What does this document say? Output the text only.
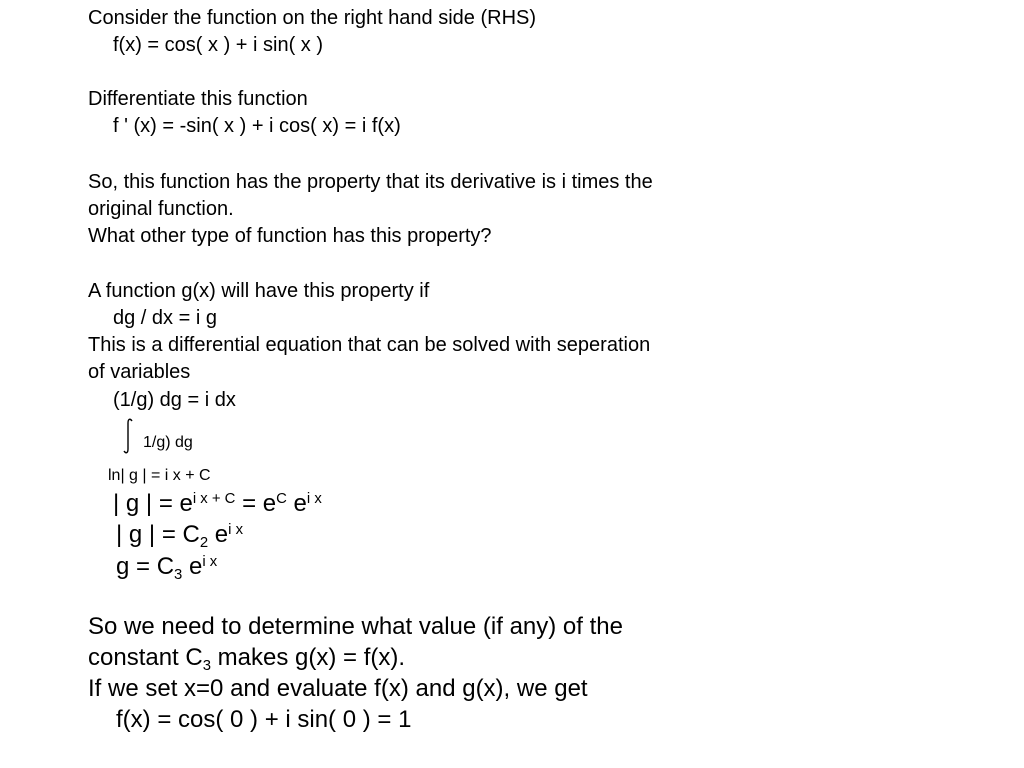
Consider the function on the right hand side (RHS)
f(x) = cos( x ) + i sin( x )
Differentiate this function
f ' (x) = -sin( x ) + i cos( x) = i f(x)
So, this function has the property that its derivative is i times the
original function.
What other type of function has this property?
A function g(x) will have this property if
dg / dx = i g
This is a differential equation that can be solved with seperation
of variables
(1/g) dg = i dx
1/g) dg
ln| g | = i x + C
| g | = $e^{i x + C} = e^C$ $e^{i x}$
| g | = $C_2$ $e^{i x}$
$g = C_3$ $e^{i x}$
So we need to determine what value (if any) of the
constant $C_3$ makes g(x) = f(x).
If we set x=0 and evaluate f(x) and g(x), we get
f(x) = cos( 0 ) + i sin( 0 ) = 1
